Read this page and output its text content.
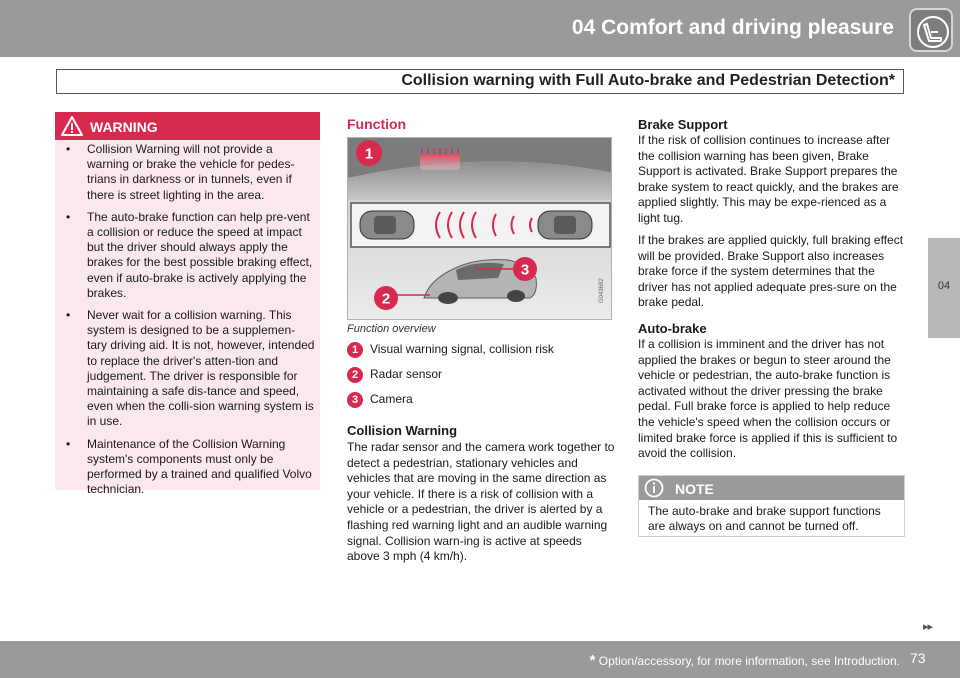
04 Comfort and driving pleasure
Collision warning with Full Auto-brake and Pedestrian Detection*
04
WARNING
• Collision Warning will not provide a warning or brake the vehicle for pedes-trians in darkness or in tunnels, even if there is street lighting in the area.
• The auto-brake function can help pre-vent a collision or reduce the speed at impact but the driver should always apply the brakes for the best possible braking effect, even if auto-brake is actively applying the brakes.
• Never wait for a collision warning. This system is designed to be a supplemen-tary driving aid. It is not, however, intended to replace the driver's atten-tion and judgement. The driver is responsible for maintaining a safe dis-tance and speed, even when the colli-sion warning system is in use.
• Maintenance of the Collision Warning system's components must only be performed by a trained and qualified Volvo technician.
Function
1
2
3
G043682
Function overview
1 Visual warning signal, collision risk
2 Radar sensor
3 Camera
Collision Warning
The radar sensor and the camera work together to detect a pedestrian, stationary vehicles and vehicles that are moving in the same direction as your vehicle. If there is a risk of collision with a vehicle or a pedestrian, the driver is alerted by a flashing red warning light and an audible warning signal. Collision warn-ing is active at speeds above 3 mph (4 km/h).
Brake Support
If the risk of collision continues to increase after the collision warning has been given, Brake Support is activated. Brake Support prepares the brake system to react quickly, and the brakes are applied slightly. This may be expe-rienced as a light tug.
If the brakes are applied quickly, full braking effect will be provided. Brake Support also increases brake force if the system determines that the driver has not applied adequate pres-sure on the brake pedal.
Auto-brake
If a collision is imminent and the driver has not applied the brakes or begun to steer around the vehicle or pedestrian, the auto-brake function is activated without the driver pressing the brake pedal. Full brake force is applied to help reduce the vehicle's speed when the collision occurs or limited brake force is applied if this is sufficient to avoid the collision.
NOTE
The auto-brake and brake support functions are always on and cannot be turned off.
▸▸
* Option/accessory, for more information, see Introduction. 73
